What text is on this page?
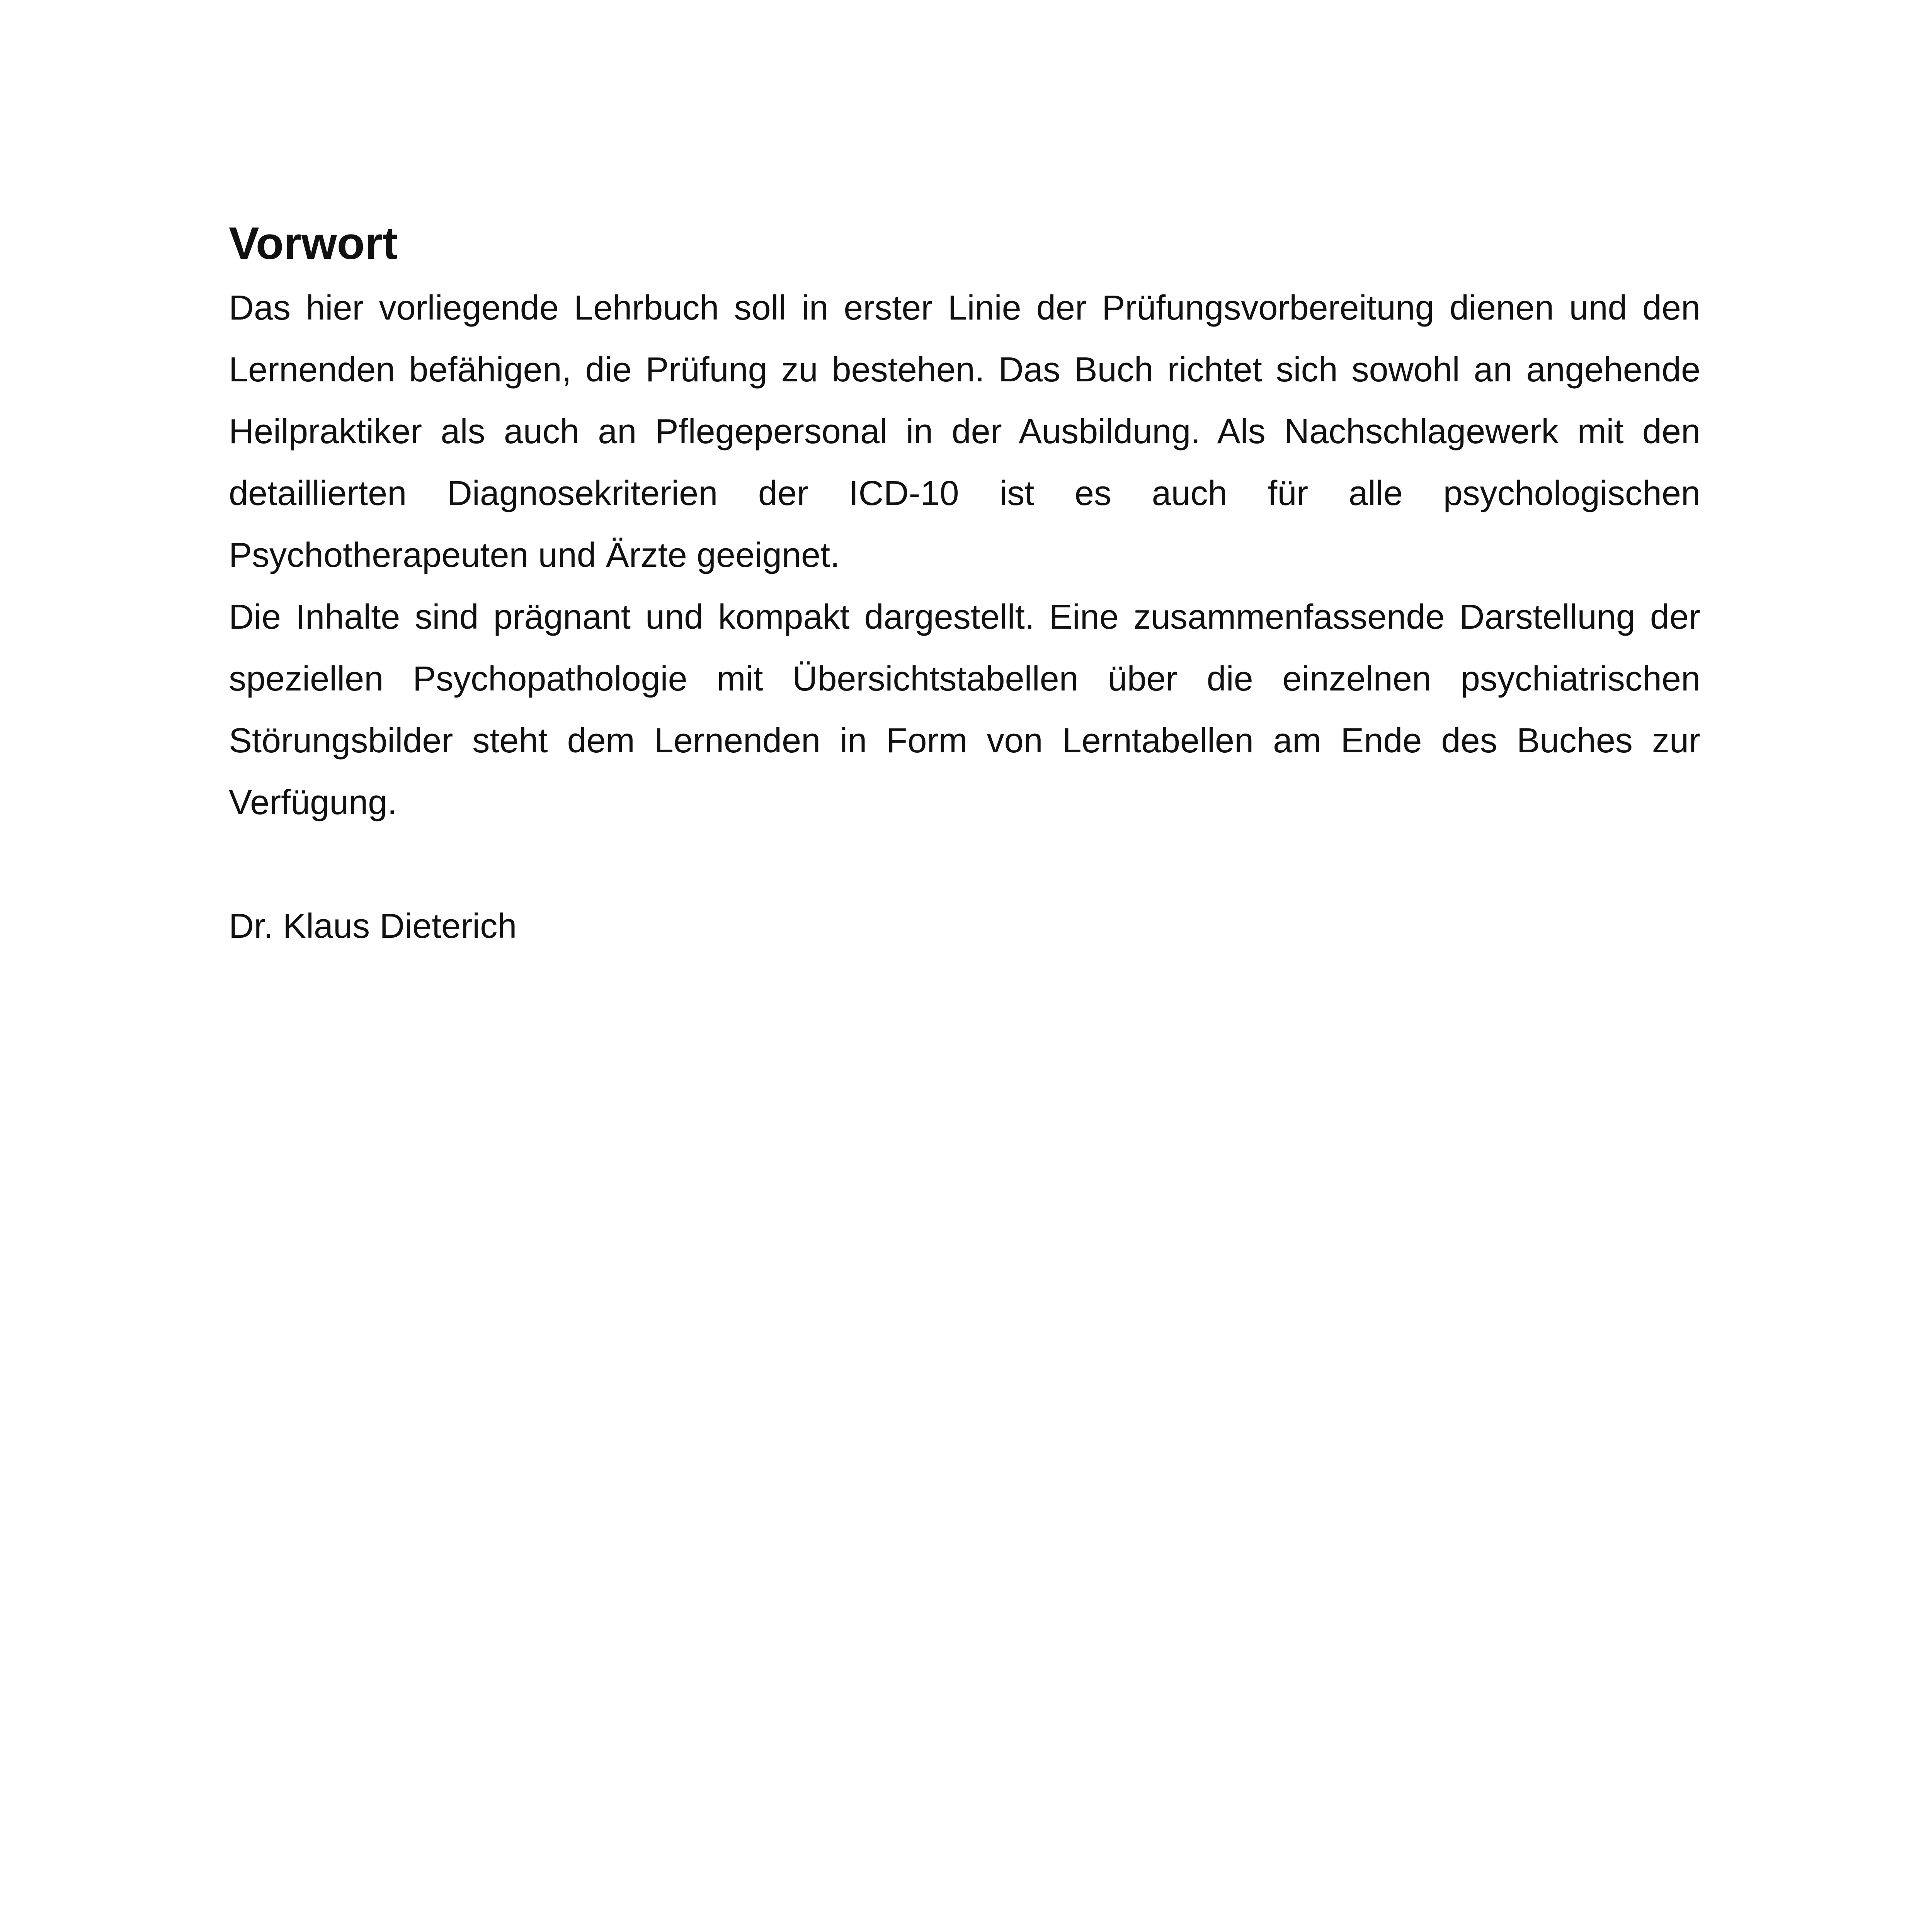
Vorwort

Das hier vorliegende Lehrbuch soll in erster Linie der Prüfungsvorbereitung dienen und den Lernenden befähigen, die Prüfung zu bestehen. Das Buch richtet sich sowohl an angehende Heilpraktiker als auch an Pflegepersonal in der Ausbildung. Als Nachschlagewerk mit den detaillierten Diagnosekriterien der ICD-10 ist es auch für alle psychologischen Psychotherapeuten und Ärzte geeignet.

Die Inhalte sind prägnant und kompakt dargestellt. Eine zusammenfassende Darstellung der speziellen Psychopathologie mit Übersichtstabellen über die einzelnen psychiatrischen Störungsbilder steht dem Lernenden in Form von Lerntabellen am Ende des Buches zur Verfügung.

Dr. Klaus Dieterich
